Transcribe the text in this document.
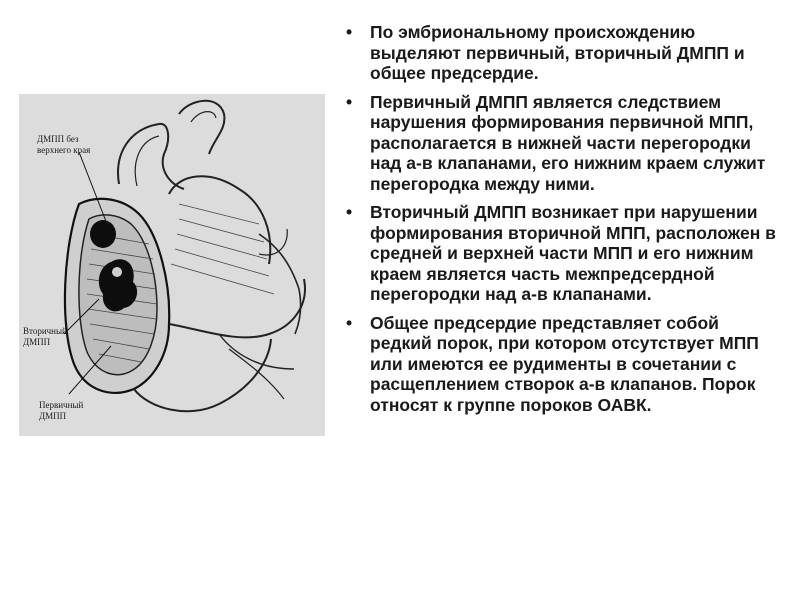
ДМПП без
верхнего края
Вторичный
ДМПП
Первичный
ДМПП
• По эмбриональному происхождению выделяют первичный, вторичный ДМПП и общее предсердие.
• Первичный ДМПП является следствием нарушения формирования первичной МПП, располагается в нижней части перегородки над а-в клапанами, его нижним краем служит перегородка между ними.
• Вторичный ДМПП возникает при нарушении формирования вторичной МПП, расположен в средней и верхней части МПП и его нижним краем является часть межпредсердной перегородки над а-в клапанами.
• Общее предсердие представляет собой редкий порок, при котором отсутствует МПП или имеются ее рудименты в сочетании с расщеплением створок а-в клапанов. Порок относят к группе пороков ОАВК.
